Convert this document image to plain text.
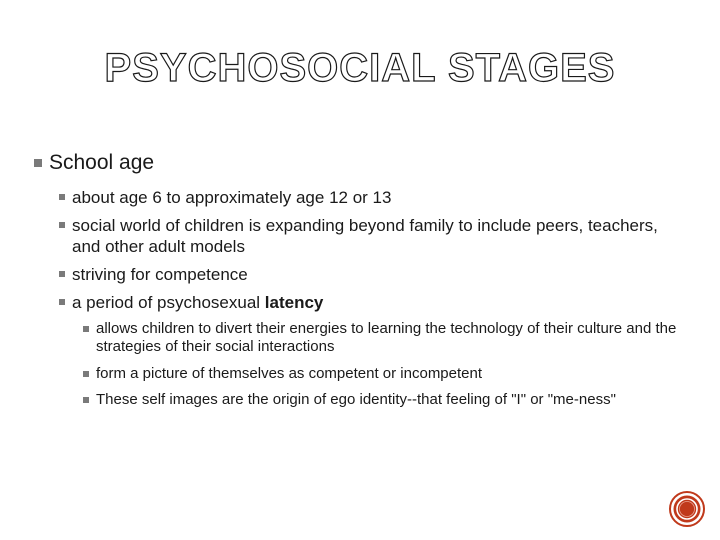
PSYCHOSOCIAL STAGES
School age
about age 6 to approximately age 12 or 13
social world of children is expanding beyond family to include peers, teachers, and other adult models
striving for competence
a period of psychosexual latency
allows children to divert their energies to learning the technology of their culture and the strategies of their social interactions
form a picture of themselves as competent or incompetent
These self images are the origin of ego identity--that feeling of "I" or "me-ness"
